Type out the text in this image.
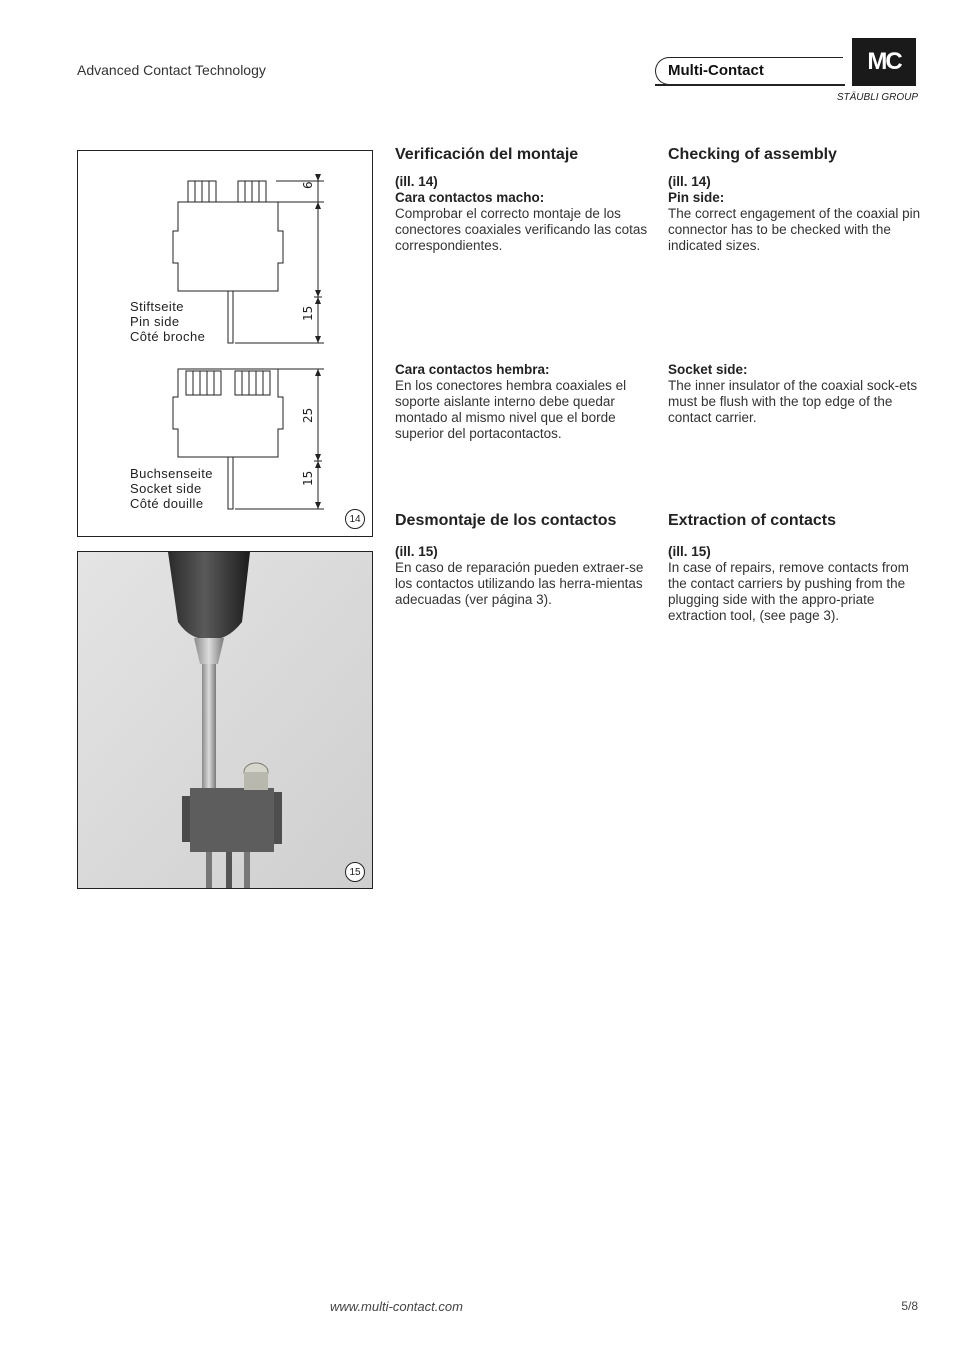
Advanced Contact Technology	Multi-Contact	MC
STÄUBLI GROUP
6
15
25
15
Stiftseite
Pin side
Côté broche
Buchsenseite
Socket side
Côté douille
14
15

Verificación del montaje

(ill. 14)

Cara contactos macho:

Comprobar el correcto montaje de los conectores coaxiales verificando las cotas correspondientes.

Cara contactos hembra:

En los conectores hembra coaxiales el soporte aislante interno debe quedar montado al mismo nivel que el borde superior del portacontactos.

Desmontaje de los contactos

(ill. 15)

En caso de reparación pueden extraer-se los contactos utilizando las herra-mientas adecuadas (ver página 3).

Checking of assembly

(ill. 14)

Pin side:

The correct engagement of the coaxial pin connector has to be checked with the indicated sizes.

Socket side:

The inner insulator of the coaxial sock-ets must be flush with the top edge of the contact carrier.

Extraction of contacts

(ill. 15)

In case of repairs, remove contacts from the contact carriers by pushing from the plugging side with the appro-priate extraction tool, (see page 3).

www.multi-contact.com	5/8
